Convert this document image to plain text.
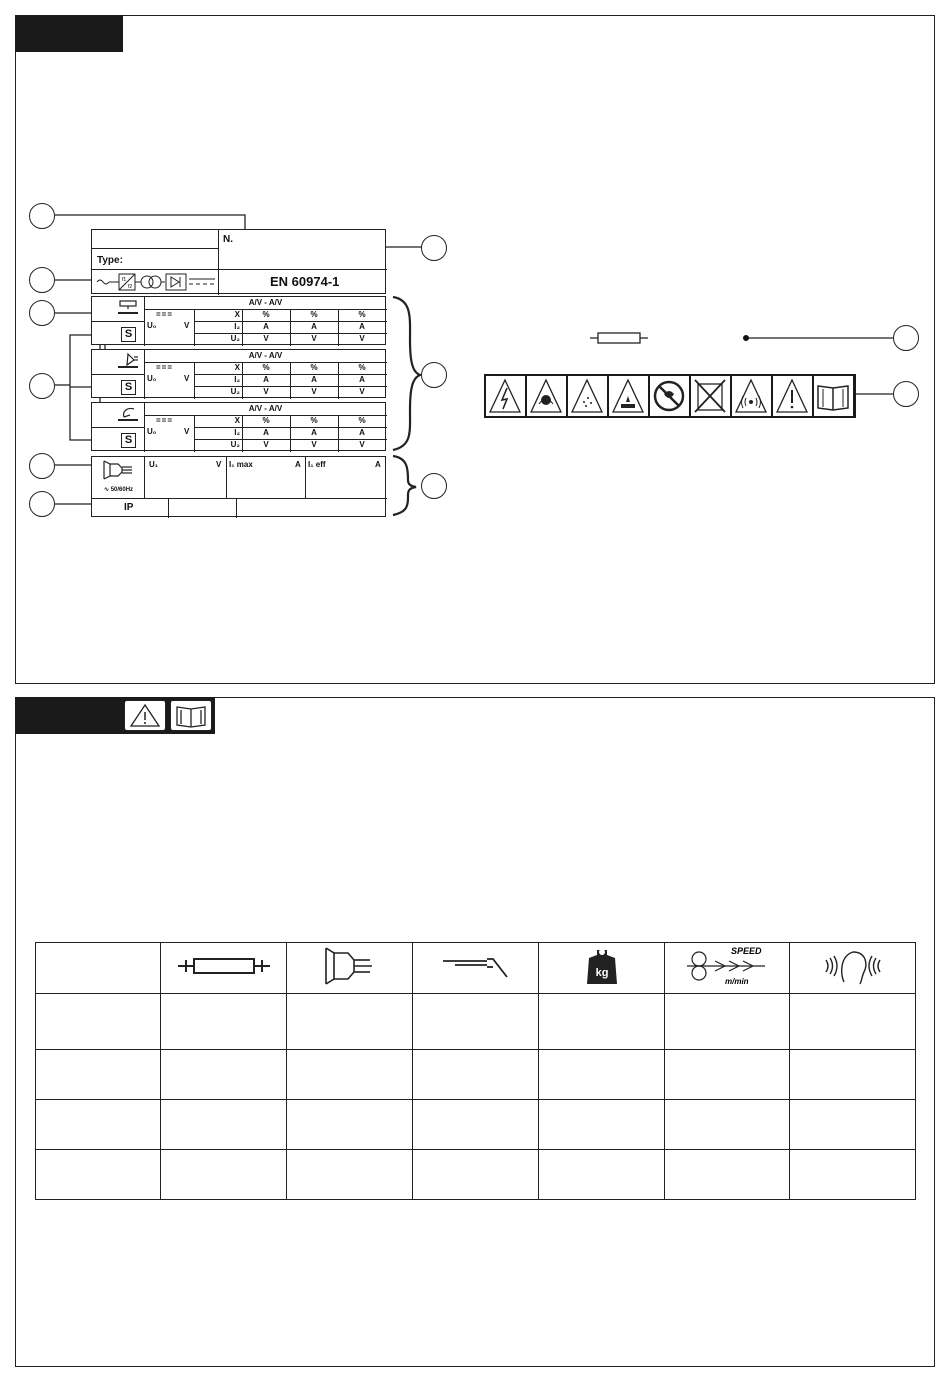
N.
Type:
EN 60974-1
f1
f2
S
A/V - A/V
===
U₀	V
X	%	%	%
I₂	A	A	A
U₂	V	V	V
S
A/V - A/V
===
U₀	V
X	%	%	%
I₂	A	A	A
U₂	V	V	V
S
A/V - A/V
===
U₀	V
X	%	%	%
I₂	A	A	A
U₂	V	V	V
∿ 50/60Hz
U₁	V I₁ max	A I₁ eff	A
IP

kg	SPEED
m/min
